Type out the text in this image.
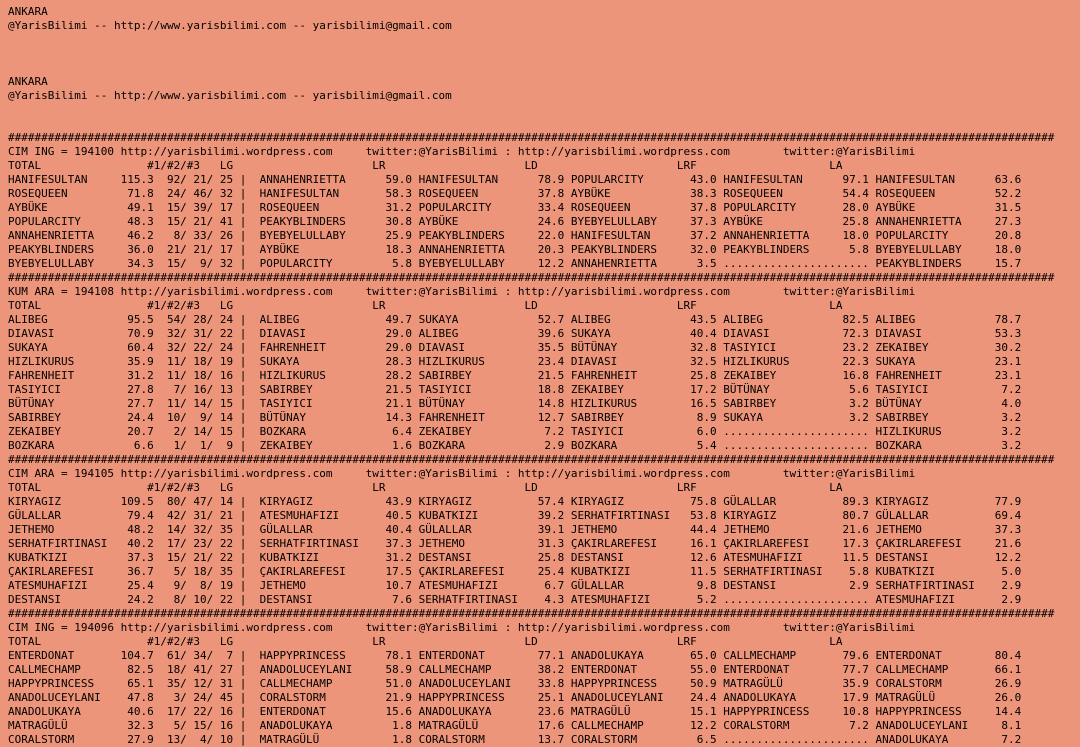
ANKARA
@YarisBilimi -- http://www.yarisbilimi.com -- yarisbilimi@gmail.com
ANKARA
@YarisBilimi -- http://www.yarisbilimi.com -- yarisbilimi@gmail.com
##############################################################################################################################################################
CIM ING = 194100 http://yarisbilimi.wordpress.com     twitter:@YarisBilimi : http://yarisbilimi.wordpress.com        twitter:@YarisBilimi
TOTAL                #1/#2/#3   LG                     LR                     LD                     LRF                    LA
HANIFESULTAN     115.3  92/ 21/ 25 |  ANNAHENRIETTA      59.0 HANIFESULTAN      78.9 POPULARCITY       43.0 HANIFESULTAN      97.1 HANIFESULTAN      63.6
ROSEQUEEN         71.8  24/ 46/ 32 |  HANIFESULTAN       58.3 ROSEQUEEN         37.8 AYBÜKE            38.3 ROSEQUEEN         54.4 ROSEQUEEN         52.2
AYBÜKE            49.1  15/ 39/ 17 |  ROSEQUEEN          31.2 POPULARCITY       33.4 ROSEQUEEN         37.8 POPULARCITY       28.0 AYBÜKE            31.5
POPULARCITY       48.3  15/ 21/ 41 |  PEAKYBLINDERS      30.8 AYBÜKE            24.6 BYEBYELULLABY     37.3 AYBÜKE            25.8 ANNAHENRIETTA     27.3
ANNAHENRIETTA     46.2   8/ 33/ 26 |  BYEBYELULLABY      25.9 PEAKYBLINDERS     22.0 HANIFESULTAN      37.2 ANNAHENRIETTA     18.0 POPULARCITY       20.8
PEAKYBLINDERS     36.0  21/ 21/ 17 |  AYBÜKE             18.3 ANNAHENRIETTA     20.3 PEAKYBLINDERS     32.0 PEAKYBLINDERS      5.8 BYEBYELULLABY     18.0
BYEBYELULLABY     34.3  15/  9/ 32 |  POPULARCITY         5.8 BYEBYELULLABY     12.2 ANNAHENRIETTA      3.5 ...................... PEAKYBLINDERS     15.7
##############################################################################################################################################################
KUM ARA = 194108 http://yarisbilimi.wordpress.com     twitter:@YarisBilimi : http://yarisbilimi.wordpress.com        twitter:@YarisBilimi
TOTAL                #1/#2/#3   LG                     LR                     LD                     LRF                    LA
ALIBEG            95.5  54/ 28/ 24 |  ALIBEG             49.7 SUKAYA            52.7 ALIBEG            43.5 ALIBEG            82.5 ALIBEG            78.7
DIAVASI           70.9  32/ 31/ 22 |  DIAVASI            29.0 ALIBEG            39.6 SUKAYA            40.4 DIAVASI           72.3 DIAVASI           53.3
SUKAYA            60.4  32/ 22/ 24 |  FAHRENHEIT         29.0 DIAVASI           35.5 BÜTÜNAY           32.8 TASIYICI          23.2 ZEKAIBEY          30.2
HIZLIKURUS        35.9  11/ 18/ 19 |  SUKAYA             28.3 HIZLIKURUS        23.4 DIAVASI           32.5 HIZLIKURUS        22.3 SUKAYA            23.1
FAHRENHEIT        31.2  11/ 18/ 16 |  HIZLIKURUS         28.2 SABIRBEY          21.5 FAHRENHEIT        25.8 ZEKAIBEY          16.8 FAHRENHEIT        23.1
TASIYICI          27.8   7/ 16/ 13 |  SABIRBEY           21.5 TASIYICI          18.8 ZEKAIBEY          17.2 BÜTÜNAY            5.6 TASIYICI           7.2
BÜTÜNAY           27.7  11/ 14/ 15 |  TASIYICI           21.1 BÜTÜNAY           14.8 HIZLIKURUS        16.5 SABIRBEY           3.2 BÜTÜNAY            4.0
SABIRBEY          24.4  10/  9/ 14 |  BÜTÜNAY            14.3 FAHRENHEIT        12.7 SABIRBEY           8.9 SUKAYA             3.2 SABIRBEY           3.2
ZEKAIBEY          20.7   2/ 14/ 15 |  BOZKARA             6.4 ZEKAIBEY           7.2 TASIYICI           6.0 ...................... HIZLIKURUS         3.2
BOZKARA            6.6   1/  1/  9 |  ZEKAIBEY            1.6 BOZKARA            2.9 BOZKARA            5.4 ...................... BOZKARA            3.2
##############################################################################################################################################################
CIM ARA = 194105 http://yarisbilimi.wordpress.com     twitter:@YarisBilimi : http://yarisbilimi.wordpress.com        twitter:@YarisBilimi
TOTAL                #1/#2/#3   LG                     LR                     LD                     LRF                    LA
KIRYAGIZ         109.5  80/ 47/ 14 |  KIRYAGIZ           43.9 KIRYAGIZ          57.4 KIRYAGIZ          75.8 GÜLALLAR          89.3 KIRYAGIZ          77.9
GÜLALLAR          79.4  42/ 31/ 21 |  ATESMUHAFIZI       40.5 KUBATKIZI         39.2 SERHATFIRTINASI   53.8 KIRYAGIZ          80.7 GÜLALLAR          69.4
JETHEMO           48.2  14/ 32/ 35 |  GÜLALLAR           40.4 GÜLALLAR          39.1 JETHEMO           44.4 JETHEMO           21.6 JETHEMO           37.3
SERHATFIRTINASI   40.2  17/ 23/ 22 |  SERHATFIRTINASI    37.3 JETHEMO           31.3 ÇAKIRLAREFESI     16.1 ÇAKIRLAREFESI     17.3 ÇAKIRLAREFESI     21.6
KUBATKIZI         37.3  15/ 21/ 22 |  KUBATKIZI          31.2 DESTANSI          25.8 DESTANSI          12.6 ATESMUHAFIZI      11.5 DESTANSI          12.2
ÇAKIRLAREFESI     36.7   5/ 18/ 35 |  ÇAKIRLAREFESI      17.5 ÇAKIRLAREFESI     25.4 KUBATKIZI         11.5 SERHATFIRTINASI    5.8 KUBATKIZI          5.0
ATESMUHAFIZI      25.4   9/  8/ 19 |  JETHEMO            10.7 ATESMUHAFIZI       6.7 GÜLALLAR           9.8 DESTANSI           2.9 SERHATFIRTINASI    2.9
DESTANSI          24.2   8/ 10/ 22 |  DESTANSI            7.6 SERHATFIRTINASI    4.3 ATESMUHAFIZI       5.2 ...................... ATESMUHAFIZI       2.9
##############################################################################################################################################################
CIM ING = 194096 http://yarisbilimi.wordpress.com     twitter:@YarisBilimi : http://yarisbilimi.wordpress.com        twitter:@YarisBilimi
TOTAL                #1/#2/#3   LG                     LR                     LD                     LRF                    LA
ENTERDONAT       104.7  61/ 34/  7 |  HAPPYPRINCESS      78.1 ENTERDONAT        77.1 ANADOLUKAYA       65.0 CALLMECHAMP       79.6 ENTERDONAT        80.4
CALLMECHAMP       82.5  18/ 41/ 27 |  ANADOLUCEYLANI     58.9 CALLMECHAMP       38.2 ENTERDONAT        55.0 ENTERDONAT        77.7 CALLMECHAMP       66.1
HAPPYPRINCESS     65.1  35/ 12/ 31 |  CALLMECHAMP        51.0 ANADOLUCEYLANI    33.8 HAPPYPRINCESS     50.9 MATRAGÜLÜ         35.9 CORALSTORM        26.9
ANADOLUCEYLANI    47.8   3/ 24/ 45 |  CORALSTORM         21.9 HAPPYPRINCESS     25.1 ANADOLUCEYLANI    24.4 ANADOLUKAYA       17.9 MATRAGÜLÜ         26.0
ANADOLUKAYA       40.6  17/ 22/ 16 |  ENTERDONAT         15.6 ANADOLUKAYA       23.6 MATRAGÜLÜ         15.1 HAPPYPRINCESS     10.8 HAPPYPRINCESS     14.4
MATRAGÜLÜ         32.3   5/ 15/ 16 |  ANADOLUKAYA         1.8 MATRAGÜLÜ         17.6 CALLMECHAMP       12.2 CORALSTORM         7.2 ANADOLUCEYLANI     8.1
CORALSTORM        27.9  13/  4/ 10 |  MATRAGÜLÜ           1.8 CORALSTORM        13.7 CORALSTORM         6.5 ...................... ANADOLUKAYA        7.2
